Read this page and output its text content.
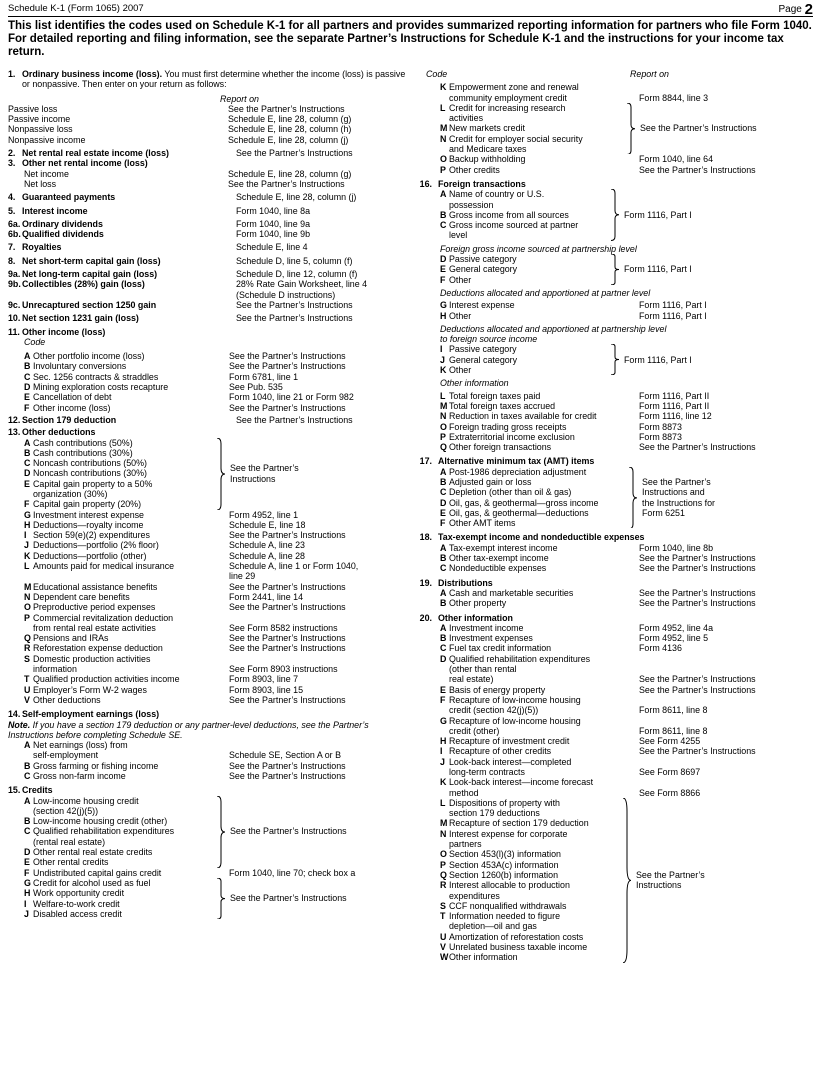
Schedule K-1 (Form 1065) 2007	Page 2
This list identifies the codes used on Schedule K-1 for all partners and provides summarized reporting information for partners who file Form 1040. For detailed reporting and filing information, see the separate Partner’s Instructions for Schedule K-1 and the instructions for your income tax return.
1. Ordinary business income (loss). You must first determine whether the income (loss) is passive or nonpassive. Then enter on your return as follows:
Report on
Passive loss	See the Partner’s Instructions
Passive income	Schedule E, line 28, column (g)
Nonpassive loss	Schedule E, line 28, column (h)
Nonpassive income	Schedule E, line 28, column (j)
2. Net rental real estate income (loss)	See the Partner’s Instructions
3. Other net rental income (loss)
Net income	Schedule E, line 28, column (g)
Net loss	See the Partner’s Instructions
4. Guaranteed payments	Schedule E, line 28, column (j)
5. Interest income	Form 1040, line 8a
6a. Ordinary dividends	Form 1040, line 9a
6b. Qualified dividends	Form 1040, line 9b
7. Royalties	Schedule E, line 4
8. Net short-term capital gain (loss)	Schedule D, line 5, column (f)
9a. Net long-term capital gain (loss)	Schedule D, line 12, column (f)
9b. Collectibles (28%) gain (loss)	28% Rate Gain Worksheet, line 4
(Schedule D instructions)
9c. Unrecaptured section 1250 gain	See the Partner’s Instructions
10. Net section 1231 gain (loss)	See the Partner’s Instructions
11. Other income (loss)
Code
A Other portfolio income (loss)	See the Partner’s Instructions
B Involuntary conversions	See the Partner’s Instructions
C Sec. 1256 contracts & straddles	Form 6781, line 1
D Mining exploration costs recapture	See Pub. 535
E Cancellation of debt	Form 1040, line 21 or Form 982
F Other income (loss)	See the Partner’s Instructions
12. Section 179 deduction	See the Partner’s Instructions
13. Other deductions
A Cash contributions (50%)
B Cash contributions (30%)
C Noncash contributions (50%)
D Noncash contributions (30%)
E Capital gain property to a 50%
organization (30%)
F Capital gain property (20%)
See the Partner’s
Instructions
G Investment interest expense	Form 4952, line 1
H Deductions—royalty income	Schedule E, line 18
I Section 59(e)(2) expenditures	See the Partner’s Instructions
J Deductions—portfolio (2% floor)	Schedule A, line 23
K Deductions—portfolio (other)	Schedule A, line 28
L Amounts paid for medical insurance	Schedule A, line 1 or Form 1040,
line 29
M Educational assistance benefits	See the Partner’s Instructions
N Dependent care benefits	Form 2441, line 14
O Preproductive period expenses	See the Partner’s Instructions
P Commercial revitalization deduction
from rental real estate activities	
See Form 8582 instructions
Q Pensions and IRAs	See the Partner’s Instructions
R Reforestation expense deduction	See the Partner’s Instructions
S Domestic production activities
information	
See Form 8903 instructions
T Qualified production activities income	Form 8903, line 7
U Employer’s Form W-2 wages	Form 8903, line 15
V Other deductions	See the Partner’s Instructions
14. Self-employment earnings (loss)
Note. If you have a section 179 deduction or any partner-level deductions, see the Partner’s Instructions before completing Schedule SE.
A Net earnings (loss) from
self-employment	
Schedule SE, Section A or B
B Gross farming or fishing income	See the Partner’s Instructions
C Gross non-farm income	See the Partner’s Instructions
15. Credits
A Low-income housing credit
(section 42(j)(5))
B Low-income housing credit (other)
C Qualified rehabilitation expenditures
(rental real estate)
D Other rental real estate credits
E Other rental credits
See the Partner’s Instructions
F Undistributed capital gains credit	Form 1040, line 70; check box a
G Credit for alcohol used as fuel
H Work opportunity credit
I Welfare-to-work credit
J Disabled access credit
See the Partner’s Instructions
Code	Report on
K Empowerment zone and renewal
community employment credit	
Form 8844, line 3
L Credit for increasing research
activities
M New markets credit
N Credit for employer social security
and Medicare taxes
See the Partner’s Instructions
O Backup withholding	Form 1040, line 64
P Other credits	See the Partner’s Instructions
16. Foreign transactions
A Name of country or U.S.
possession
B Gross income from all sources
C Gross income sourced at partner
level
Form 1116, Part I
Foreign gross income sourced at partnership level
D Passive category
E General category
F Other
Form 1116, Part I
Deductions allocated and apportioned at partner level
G Interest expense	Form 1116, Part I
H Other	Form 1116, Part I
Deductions allocated and apportioned at partnership level
to foreign source income
I Passive category
J General category
K Other
Form 1116, Part I
Other information
L Total foreign taxes paid	Form 1116, Part II
M Total foreign taxes accrued	Form 1116, Part II
N Reduction in taxes available for credit	Form 1116, line 12
O Foreign trading gross receipts	Form 8873
P Extraterritorial income exclusion	Form 8873
Q Other foreign transactions	See the Partner’s Instructions
17. Alternative minimum tax (AMT) items
A Post-1986 depreciation adjustment
B Adjusted gain or loss
C Depletion (other than oil & gas)
D Oil, gas, & geothermal—gross income
E Oil, gas, & geothermal—deductions
F Other AMT items
See the Partner’s
Instructions and
the Instructions for
Form 6251
18. Tax-exempt income and nondeductible expenses
A Tax-exempt interest income	Form 1040, line 8b
B Other tax-exempt income	See the Partner’s Instructions
C Nondeductible expenses	See the Partner’s Instructions
19. Distributions
A Cash and marketable securities	See the Partner’s Instructions
B Other property	See the Partner’s Instructions
20. Other information
A Investment income	Form 4952, line 4a
B Investment expenses	Form 4952, line 5
C Fuel tax credit information	Form 4136
D Qualified rehabilitation expenditures
(other than rental
real estate)	

See the Partner’s Instructions
E Basis of energy property	See the Partner’s Instructions
F Recapture of low-income housing
credit (section 42(j)(5))	
Form 8611, line 8
G Recapture of low-income housing
credit (other)	
Form 8611, line 8
H Recapture of investment credit	See Form 4255
I Recapture of other credits	See the Partner’s Instructions
J Look-back interest—completed
long-term contracts	
See Form 8697
K Look-back interest—income forecast
method	
See Form 8866
L Dispositions of property with
section 179 deductions
M Recapture of section 179 deduction
N Interest expense for corporate
partners
O Section 453(l)(3) information
P Section 453A(c) information
Q Section 1260(b) information
R Interest allocable to production
expenditures
S CCF nonqualified withdrawals
T Information needed to figure
depletion—oil and gas
U Amortization of reforestation costs
V Unrelated business taxable income
W Other information
See the Partner’s
Instructions
